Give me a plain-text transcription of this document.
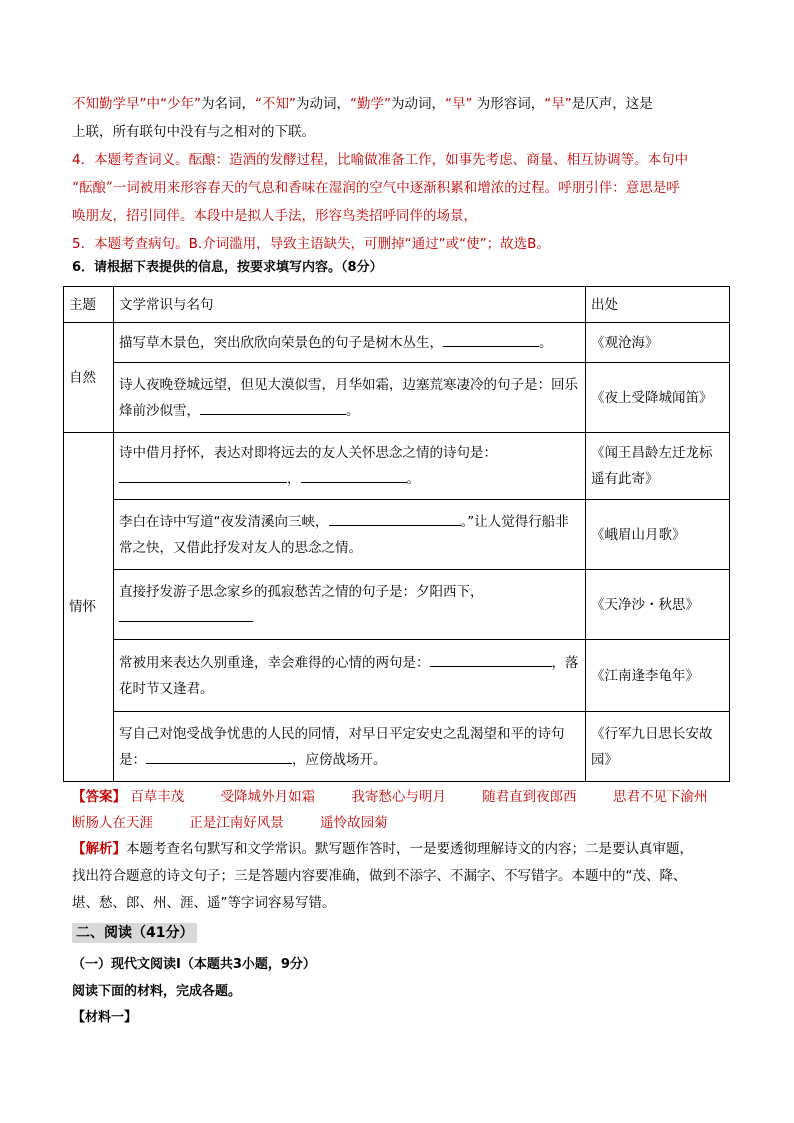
不知勤学早”中“少年”为名词，“不知”为动词，“勤学”为动词，“早” 为形容词，“早”是仄声，这是

上联，所有联句中没有与之相对的下联。

4．本题考查词义。酝酿：造酒的发酵过程，比喻做准备工作，如事先考虑、商量、相互协调等。本句中

“酝酿”一词被用来形容春天的气息和香味在湿润的空气中逐渐积累和增浓的过程。呼朋引伴：意思是呼

唤朋友，招引同伴。本段中是拟人手法，形容鸟类招呼同伴的场景，

5．本题考查病句。B.介词滥用，导致主语缺失，可删掉“通过”或“使”；故选B。

6．请根据下表提供的信息，按要求填写内容。（8分）
主题	文学常识与名句	出处
自然	描写草木景色，突出欣欣向荣景色的句子是树木丛生， 。	《观沧海》
	诗人夜晚登城远望，但见大漠似雪，月华如霜，边塞荒寒凄冷的句子是：回乐烽前沙似雪， 。	《夜上受降城闻笛》
情怀	诗中借月抒怀，表达对即将远去的友人关怀思念之情的诗句是：， 。	《闻王昌龄左迁龙标遥有此寄》
	李白在诗中写道“夜发清溪向三峡， 。”让人觉得行船非常之快，又借此抒发对友人的思念之情。	《峨眉山月歌》
	直接抒发游子思念家乡的孤寂愁苦之情的句子是：夕阳西下，	《天净沙・秋思》
	常被用来表达久别重逢，幸会难得的心情的两句是： ，落花时节又逢君。	《江南逢李龟年》
	写自己对饱受战争忧患的人民的同情，对早日平定安史之乱渴望和平的诗句是： ，应傍战场开。	《行军九日思长安故园》
【答案】 百草丰茂	受降城外月如霜	我寄愁心与明月	随君直到夜郎西	思君不见下渝州 断肠人在天涯	正是江南好风景	遥怜故园菊
【解析】本题考查名句默写和文学常识。默写题作答时，一是要透彻理解诗文的内容；二是要认真审题，
找出符合题意的诗文句子；三是答题内容要准确，做到不添字、不漏字、不写错字。本题中的“茂、降、
堪、愁、郎、州、涯、遥”等字词容易写错。
二、阅读（41分）
（一）现代文阅读Ⅰ（本题共3小题，9分）
阅读下面的材料，完成各题。
【材料一】
